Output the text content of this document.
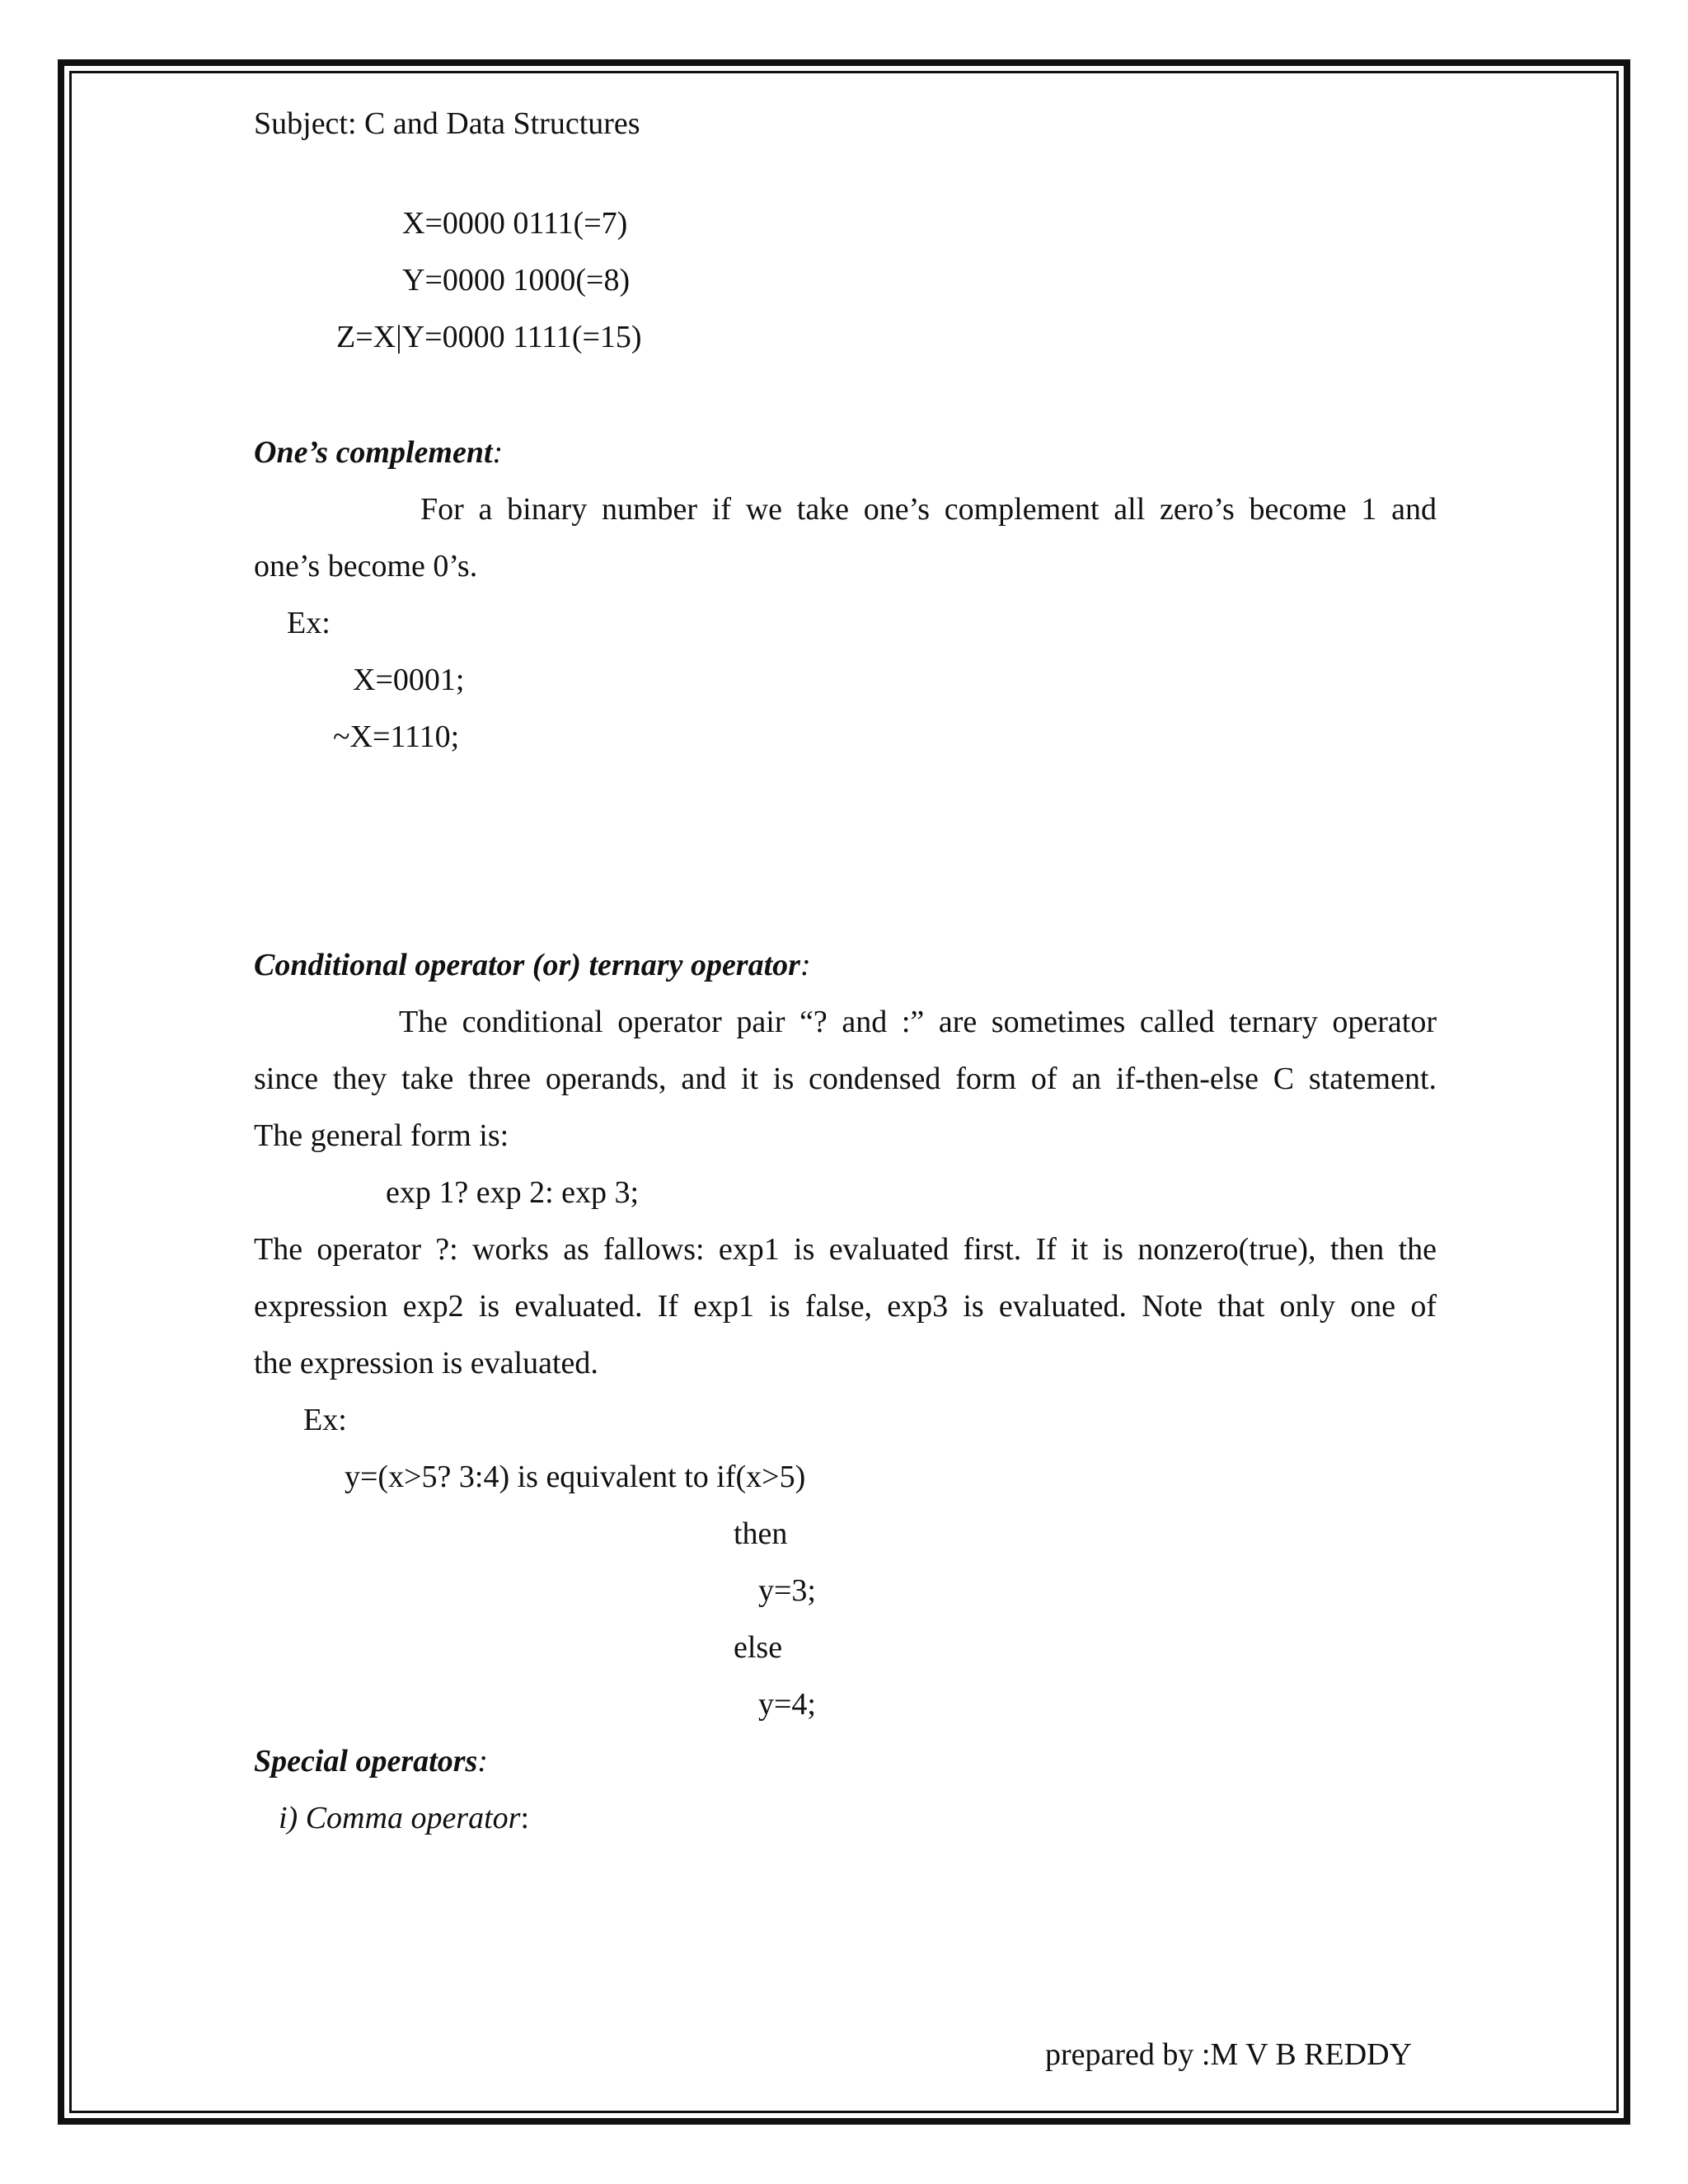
Subject: C and Data Structures
X=0000 0111(=7)
Y=0000 1000(=8)
Z=X|Y=0000 1111(=15)
One’s complement:
For a binary number if we take one’s complement all zero’s become 1 and
one’s become 0’s.
Ex:
X=0001;
~X=1110;
Conditional operator (or) ternary operator:
The conditional operator pair “? and :” are sometimes called ternary operator
since they take three operands, and it is condensed form of an if-then-else C statement.
The general form is:
exp 1? exp 2: exp 3;
The operator ?: works as fallows: exp1 is evaluated first. If it is nonzero(true), then the
expression exp2 is evaluated. If exp1 is false, exp3 is evaluated. Note that only one of
the expression is evaluated.
Ex:
y=(x>5? 3:4) is equivalent to if(x>5)
then
y=3;
else
y=4;
Special operators:
i) Comma operator:
prepared by :M V B REDDY
